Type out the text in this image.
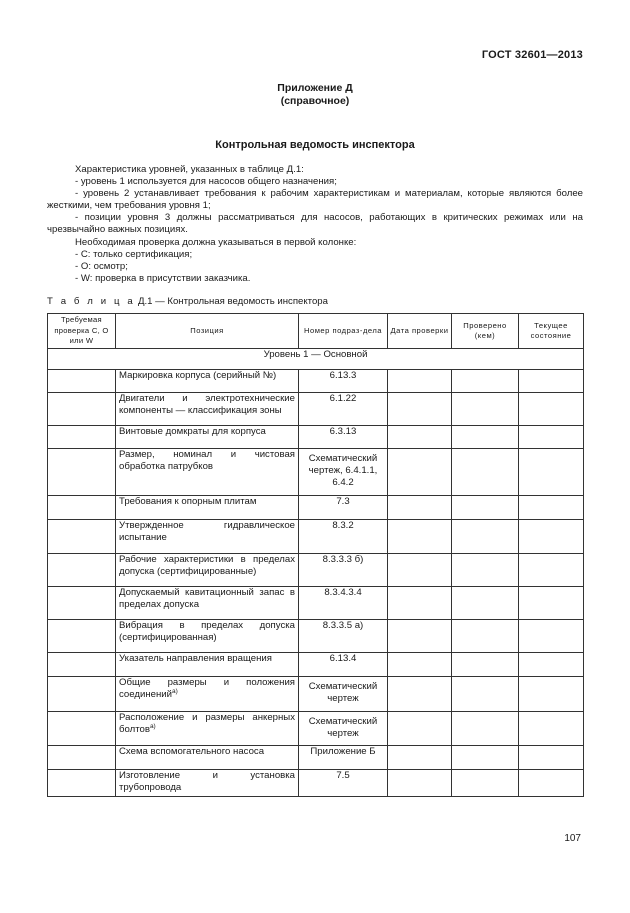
ГОСТ 32601—2013
Приложение Д
(справочное)
Контрольная ведомость инспектора

Характеристика уровней, указанных в таблице Д.1:

- уровень 1 используется для насосов общего назначения;

- уровень 2 устанавливает требования к рабочим характеристикам и материалам, которые являются более жесткими, чем требования уровня 1;

- позиции уровня 3 должны рассматриваться для насосов, работающих в критических режимах или на чрезвычайно важных позициях.

Необходимая проверка должна указываться в первой колонке:

- С: только сертификация;

- О: осмотр;

- W: проверка в присутствии заказчика.

Т а б л и ц а Д.1 — Контрольная ведомость инспектора
Требуемая проверка С, О или W	Позиция	Номер подраз-дела	Дата проверки	Проверено (кем)	Текущее состояние
Уровень 1 — Основной					
	Маркировка корпуса (серийный №)	6.13.3			
	Двигатели и электротехнические компоненты — классификация зоны	6.1.22			
	Винтовые домкраты для корпуса	6.3.13			
	Размер, номинал и чистовая обработка патрубков	Схематический чертеж, 6.4.1.1, 6.4.2			
	Требования к опорным плитам	7.3			
	Утвержденное гидравлическое испытание	8.3.2			
	Рабочие характеристики в пределах допуска (сертифицированные)	8.3.3.3 б)			
	Допускаемый кавитационный запас в пределах допуска	8.3.4.3.4			
	Вибрация в пределах допуска (сертифицированная)	8.3.3.5 а)			
	Указатель направления вращения	6.13.4			
	Общие размеры и положения соединений$^{а)}$	Схематический чертеж			
	Расположение и размеры анкерных болтов$^{а)}$	Схематический чертеж			
	Схема вспомогательного насоса	Приложение Б			
	Изготовление и установка трубопровода	7.5			
107
